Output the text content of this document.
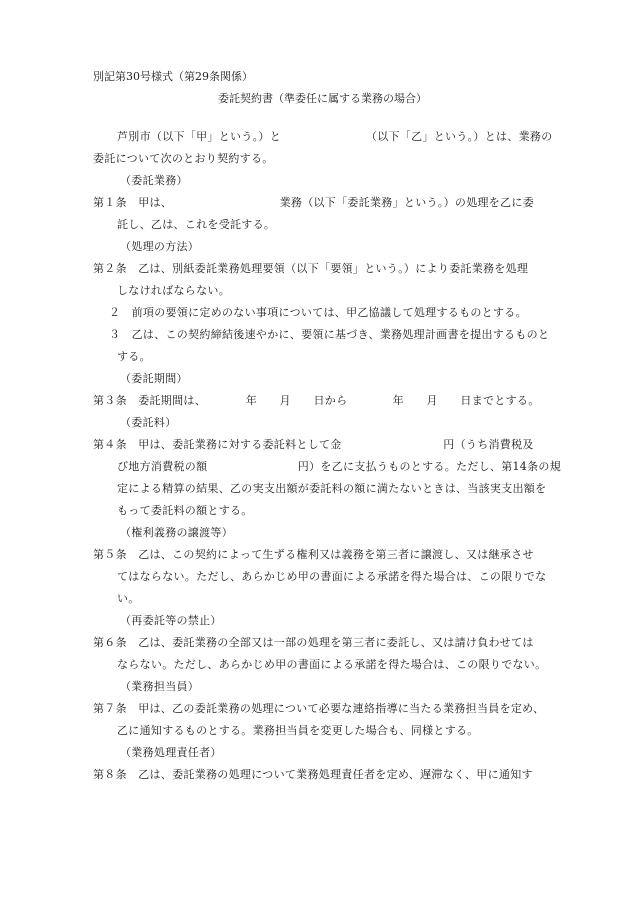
別記第30号様式（第29条関係）
委託契約書（準委任に属する業務の場合）
芦別市（以下「甲」という。）と　　　　　　　　（以下「乙」という。）とは、業務の
委託について次のとおり契約する。
（委託業務）
第１条　甲は、　　　　　　　　　　業務（以下「委託業務」という。）の処理を乙に委
託し、乙は、これを受託する。
（処理の方法）
第２条　乙は、別紙委託業務処理要領（以下「要領」という。）により委託業務を処理
しなければならない。
２　前項の要領に定めのない事項については、甲乙協議して処理するものとする。
３　乙は、この契約締結後速やかに、要領に基づき、業務処理計画書を提出するものと
する。
（委託期間）
第３条　委託期間は、　　　　年　　月　　日から　　　　年　　月　　日までとする。
（委託料）
第４条　甲は、委託業務に対する委託料として金　　　　　　　　　円（うち消費税及
び地方消費税の額　　　　　　　　円）を乙に支払うものとする。ただし、第14条の規
定による精算の結果、乙の実支出額が委託料の額に満たないときは、当該実支出額を
もって委託料の額とする。
（権利義務の譲渡等）
第５条　乙は、この契約によって生ずる権利又は義務を第三者に譲渡し、又は継承させ
てはならない。ただし、あらかじめ甲の書面による承諾を得た場合は、この限りでな
い。
（再委託等の禁止）
第６条　乙は、委託業務の全部又は一部の処理を第三者に委託し、又は請け負わせては
ならない。ただし、あらかじめ甲の書面による承諾を得た場合は、この限りでない。
（業務担当員）
第７条　甲は、乙の委託業務の処理について必要な連絡指導に当たる業務担当員を定め、
乙に通知するものとする。業務担当員を変更した場合も、同様とする。
（業務処理責任者）
第８条　乙は、委託業務の処理について業務処理責任者を定め、遅滞なく、甲に通知す
